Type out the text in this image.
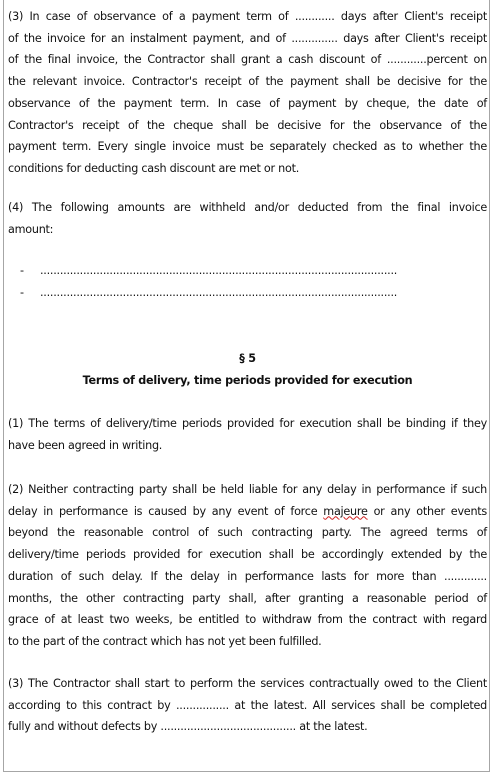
(3) In case of observance of a payment term of ............ days after Client's receipt
of the invoice for an instalment payment, and of .............. days after Client's receipt
of the final invoice, the Contractor shall grant a cash discount of ............percent on
the relevant invoice. Contractor's receipt of the payment shall be decisive for the
observance of the payment term. In case of payment by cheque, the date of
Contractor's receipt of the cheque shall be decisive for the observance of the
payment term. Every single invoice must be separately checked as to whether the
conditions for deducting cash discount are met or not.
(4) The following amounts are withheld and/or deducted from the final invoice
amount:
- ............................................................................................................
- ............................................................................................................
§ 5
Terms of delivery, time periods provided for execution
(1) The terms of delivery/time periods provided for execution shall be binding if they
have been agreed in writing.
(2) Neither contracting party shall be held liable for any delay in performance if such
delay in performance is caused by any event of force majeure or any other events
beyond the reasonable control of such contracting party. The agreed terms of
delivery/time periods provided for execution shall be accordingly extended by the
duration of such delay. If the delay in performance lasts for more than .............
months, the other contracting party shall, after granting a reasonable period of
grace of at least two weeks, be entitled to withdraw from the contract with regard
to the part of the contract which has not yet been fulfilled.
(3) The Contractor shall start to perform the services contractually owed to the Client
according to this contract by ................ at the latest. All services shall be completed
fully and without defects by ......................................... at the latest.
